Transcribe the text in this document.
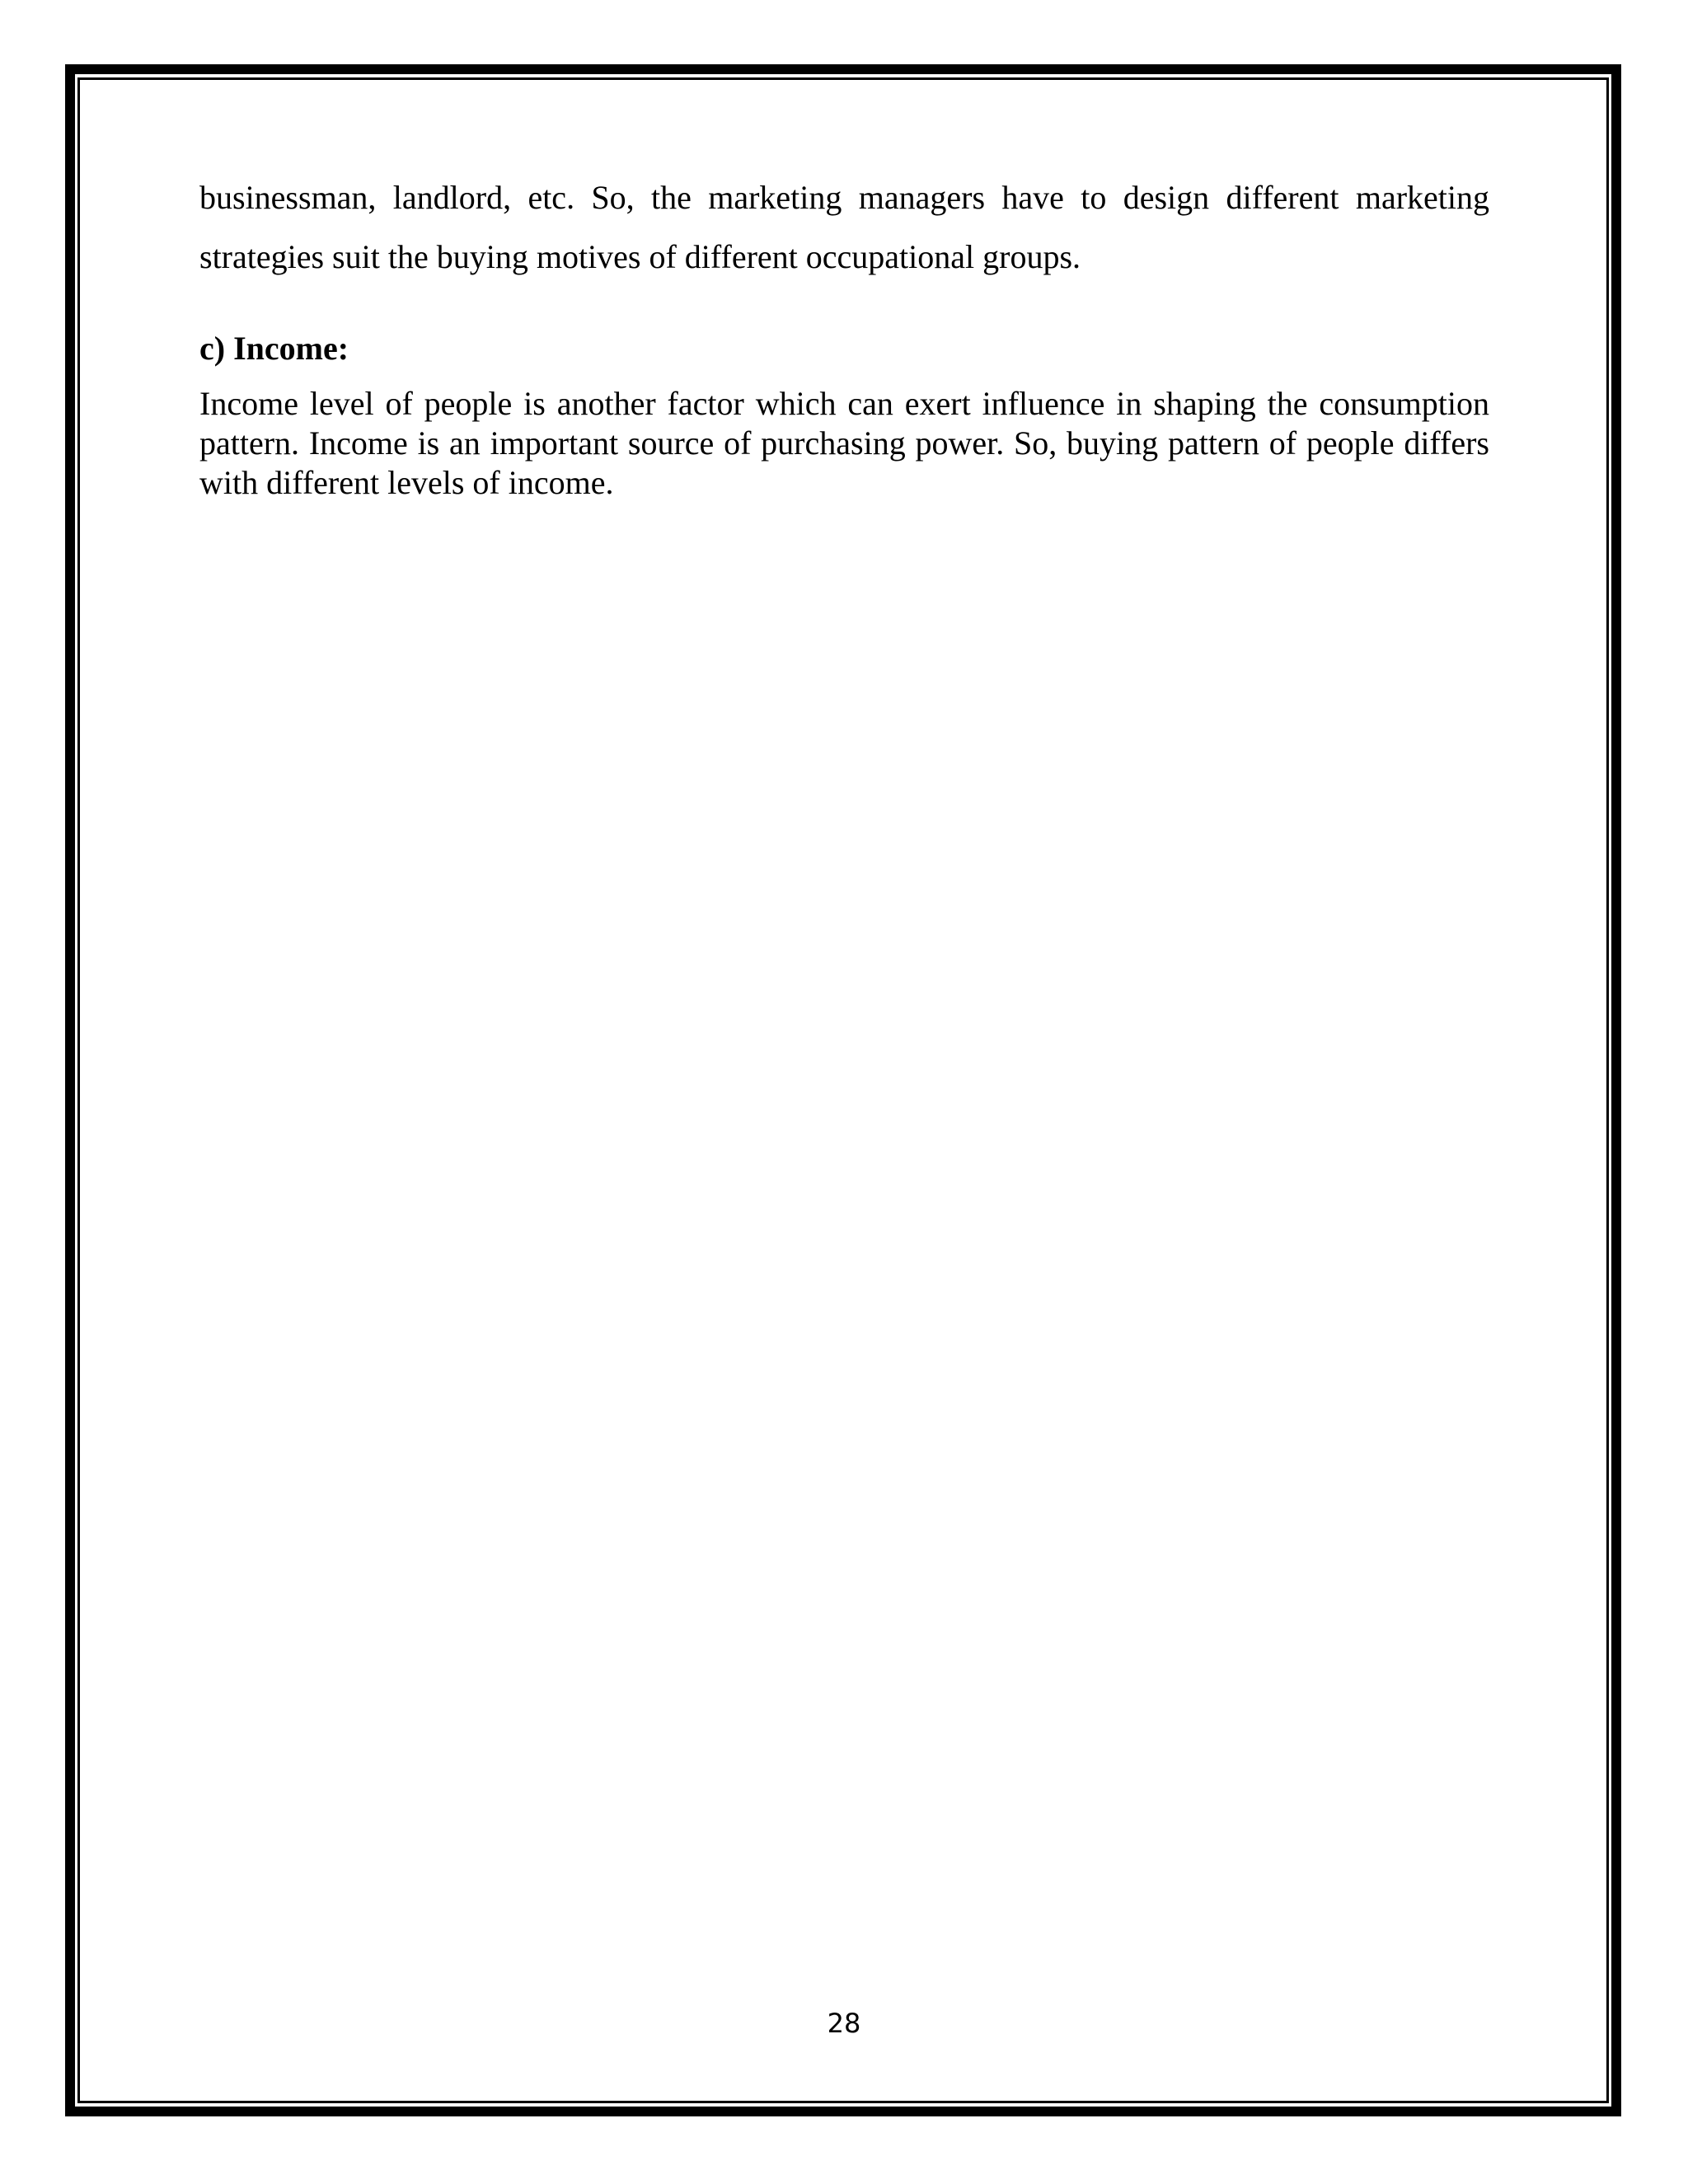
businessman, landlord, etc. So, the marketing managers have to design different marketing strategies suit the buying motives of different occupational groups.

c) Income:

Income level of people is another factor which can exert influence in shaping the consumption pattern. Income is an important source of purchasing power. So, buying pattern of people differs with different levels of income.

28
